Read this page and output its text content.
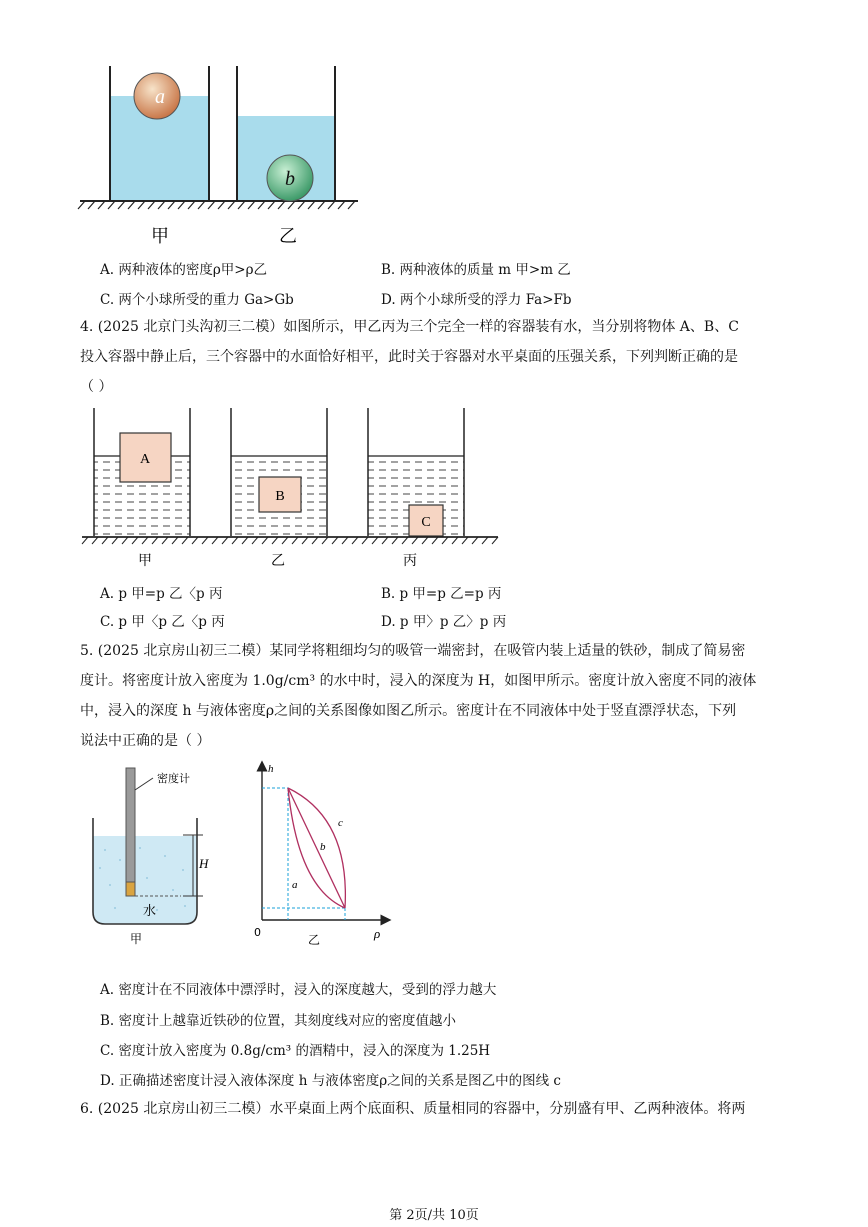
a
b
甲	乙
A. 两种液体的密度ρ甲>ρ乙	B. 两种液体的质量 m 甲>m 乙
C. 两个小球所受的重力 Ga>Gb	D. 两个小球所受的浮力 Fa>Fb
4. (2025 北京门头沟初三二模）如图所示，甲乙丙为三个完全一样的容器装有水，当分别将物体 A、B、C
投入容器中静止后，三个容器中的水面恰好相平，此时关于容器对水平桌面的压强关系，下列判断正确的是
（ ）
A
B
C
甲	乙	丙
A. p 甲=p 乙〈p 丙	B. p 甲=p 乙=p 丙
C. p 甲〈p 乙〈p 丙	D. p 甲〉p 乙〉p 丙
5. (2025 北京房山初三二模）某同学将粗细均匀的吸管一端密封，在吸管内装上适量的铁砂，制成了简易密
度计。将密度计放入密度为 1.0g/cm³ 的水中时，浸入的深度为 H，如图甲所示。密度计放入密度不同的液体
中，浸入的深度 h 与液体密度ρ之间的关系图像如图乙所示。密度计在不同液体中处于竖直漂浮状态，下列
说法中正确的是（ ）
密度计
H
水
甲
h
ρ
0
乙
a
b
c
A. 密度计在不同液体中漂浮时，浸入的深度越大，受到的浮力越大
B. 密度计上越靠近铁砂的位置，其刻度线对应的密度值越小
C. 密度计放入密度为 0.8g/cm³ 的酒精中，浸入的深度为 1.25H
D. 正确描述密度计浸入液体深度 h 与液体密度ρ之间的关系是图乙中的图线 c
6. (2025 北京房山初三二模）水平桌面上两个底面积、质量相同的容器中，分别盛有甲、乙两种液体。将两
第 2页/共 10页
